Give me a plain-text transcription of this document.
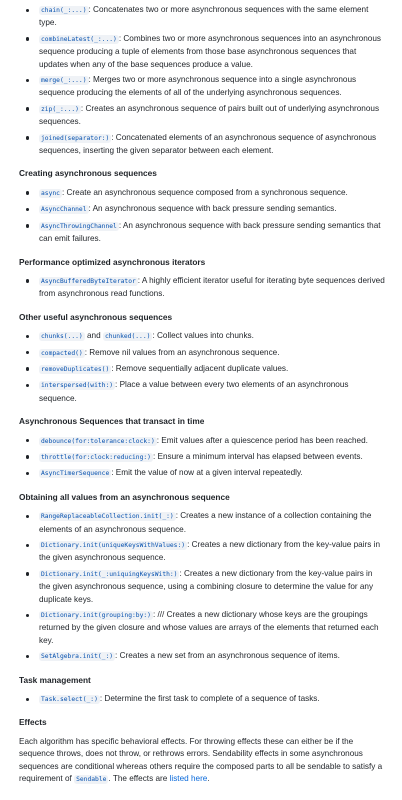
chain(_:...) : Concatenates two or more asynchronous sequences with the same element type.
combineLatest(_:...) : Combines two or more asynchronous sequences into an asynchronous sequence producing a tuple of elements from those base asynchronous sequences that updates when any of the base sequences produce a value.
merge(_:...) : Merges two or more asynchronous sequence into a single asynchronous sequence producing the elements of all of the underlying asynchronous sequences.
zip(_:...) : Creates an asynchronous sequence of pairs built out of underlying asynchronous sequences.
joined(separator:) : Concatenated elements of an asynchronous sequence of asynchronous sequences, inserting the given separator between each element.
Creating asynchronous sequences
async : Create an asynchronous sequence composed from a synchronous sequence.
AsyncChannel : An asynchronous sequence with back pressure sending semantics.
AsyncThrowingChannel : An asynchronous sequence with back pressure sending semantics that can emit failures.
Performance optimized asynchronous iterators
AsyncBufferedByteIterator : A highly efficient iterator useful for iterating byte sequences derived from asynchronous read functions.
Other useful asynchronous sequences
chunks(...) and chunked(...) : Collect values into chunks.
compacted() : Remove nil values from an asynchronous sequence.
removeDuplicates() : Remove sequentially adjacent duplicate values.
interspersed(with:) : Place a value between every two elements of an asynchronous sequence.
Asynchronous Sequences that transact in time
debounce(for:tolerance:clock:) : Emit values after a quiescence period has been reached.
throttle(for:clock:reducing:) : Ensure a minimum interval has elapsed between events.
AsyncTimerSequence : Emit the value of now at a given interval repeatedly.
Obtaining all values from an asynchronous sequence
RangeReplaceableCollection.init(_:) : Creates a new instance of a collection containing the elements of an asynchronous sequence.
Dictionary.init(uniqueKeysWithValues:) : Creates a new dictionary from the key-value pairs in the given asynchronous sequence.
Dictionary.init(_:uniquingKeysWith:) : Creates a new dictionary from the key-value pairs in the given asynchronous sequence, using a combining closure to determine the value for any duplicate keys.
Dictionary.init(grouping:by:) : /// Creates a new dictionary whose keys are the groupings returned by the given closure and whose values are arrays of the elements that returned each key.
SetAlgebra.init(_:) : Creates a new set from an asynchronous sequence of items.
Task management
Task.select(_:) : Determine the first task to complete of a sequence of tasks.
Effects

Each algorithm has specific behavioral effects. For throwing effects these can either be if the sequence throws, does not throw, or rethrows errors. Sendability effects in some asynchronous sequences are conditional whereas others require the composed parts to all be sendable to satisfy a requirement of Sendable . The effects are listed here.
